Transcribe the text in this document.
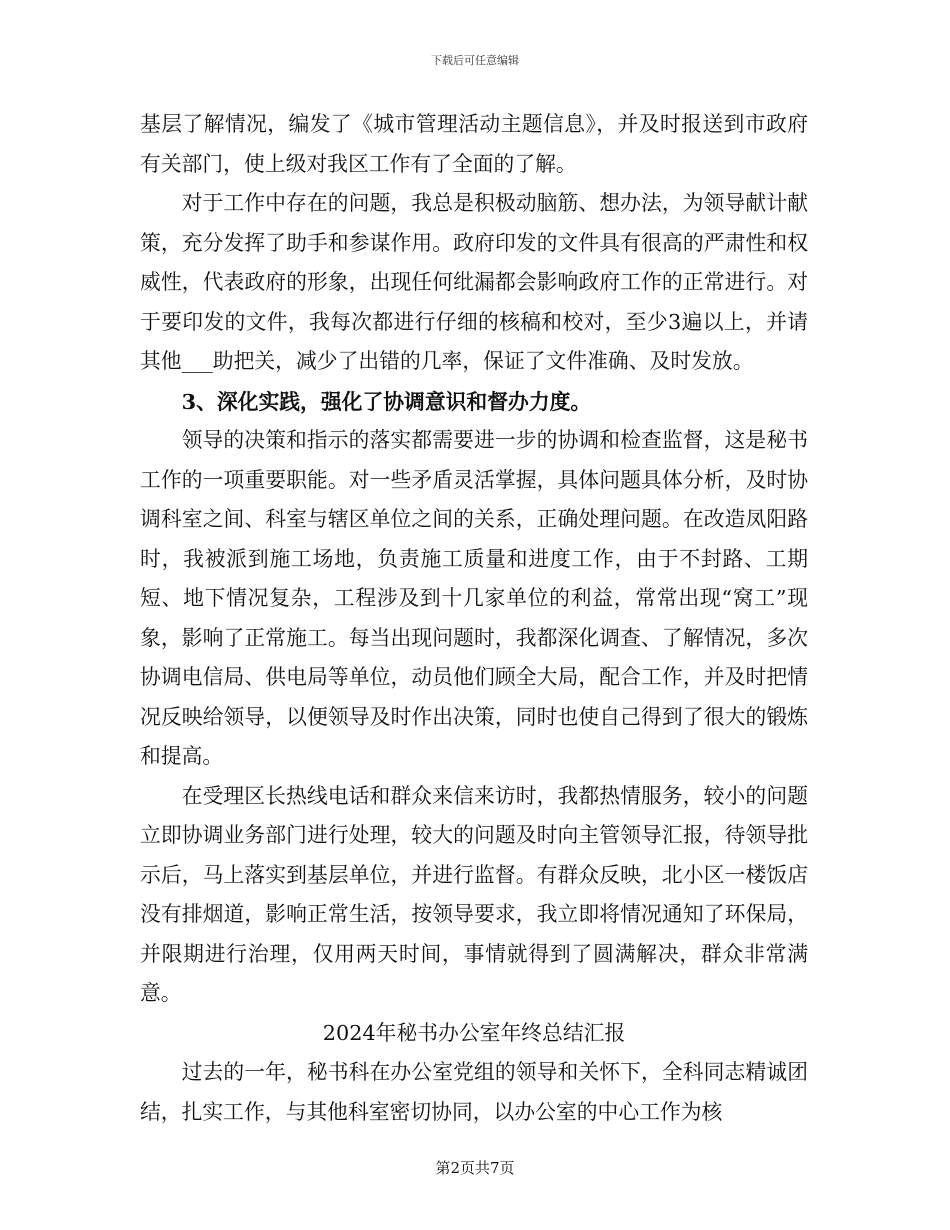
下载后可任意编辑

基层了解情况，编发了《城市管理活动主题信息》，并及时报送到市政府有关部门，使上级对我区工作有了全面的了解。

对于工作中存在的问题，我总是积极动脑筋、想办法，为领导献计献策，充分发挥了助手和参谋作用。政府印发的文件具有很高的严肃性和权威性，代表政府的形象，出现任何纰漏都会影响政府工作的正常进行。对于要印发的文件，我每次都进行仔细的核稿和校对，至少3遍以上，并请其他___助把关，减少了出错的几率，保证了文件准确、及时发放。

3、深化实践，强化了协调意识和督办力度。

领导的决策和指示的落实都需要进一步的协调和检查监督，这是秘书工作的一项重要职能。对一些矛盾灵活掌握，具体问题具体分析，及时协调科室之间、科室与辖区单位之间的关系，正确处理问题。在改造凤阳路时，我被派到施工场地，负责施工质量和进度工作，由于不封路、工期短、地下情况复杂，工程涉及到十几家单位的利益，常常出现“窝工”现象，影响了正常施工。每当出现问题时，我都深化调查、了解情况，多次协调电信局、供电局等单位，动员他们顾全大局，配合工作，并及时把情况反映给领导，以便领导及时作出决策，同时也使自己得到了很大的锻炼和提高。

在受理区长热线电话和群众来信来访时，我都热情服务，较小的问题立即协调业务部门进行处理，较大的问题及时向主管领导汇报，待领导批示后，马上落实到基层单位，并进行监督。有群众反映，北小区一楼饭店没有排烟道，影响正常生活，按领导要求，我立即将情况通知了环保局，并限期进行治理，仅用两天时间，事情就得到了圆满解决，群众非常满意。

2024年秘书办公室年终总结汇报

过去的一年，秘书科在办公室党组的领导和关怀下，全科同志精诚团结，扎实工作，与其他科室密切协同，以办公室的中心工作为核

第2页共7页
